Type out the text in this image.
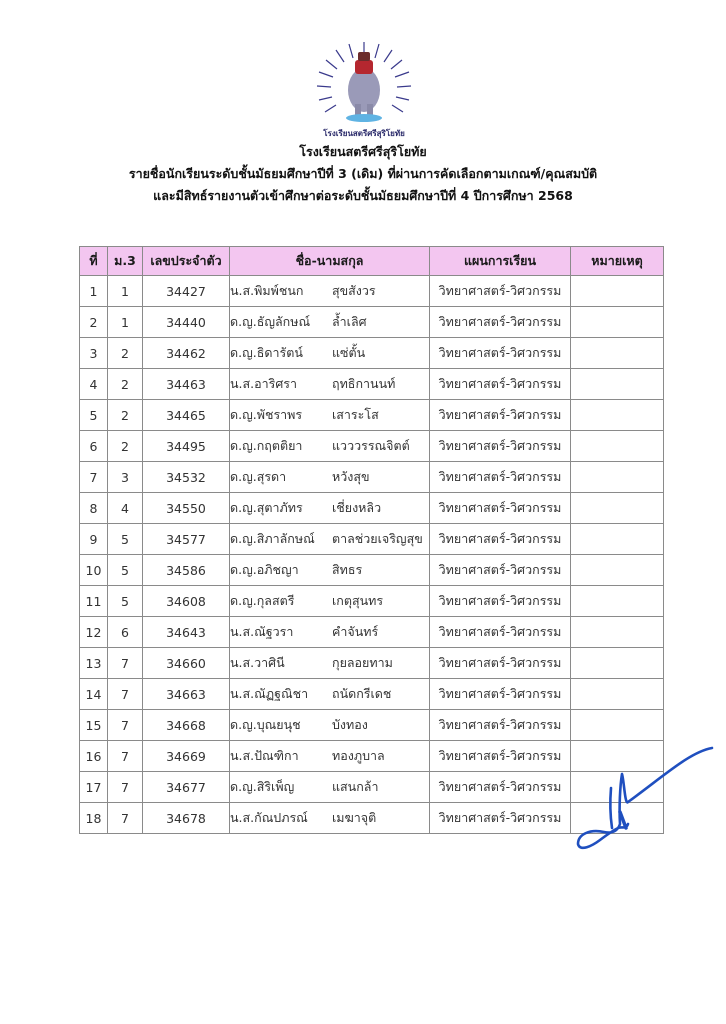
โรงเรียนสตรีศรีสุริโยทัย
โรงเรียนสตรีศรีสุริโยทัย
รายชื่อนักเรียนระดับชั้นมัธยมศึกษาปีที่ 3 (เดิม) ที่ผ่านการคัดเลือกตามเกณฑ์/คุณสมบัติ
และมีสิทธ์รายงานตัวเข้าศึกษาต่อระดับชั้นมัธยมศึกษาปีที่ 4 ปีการศึกษา 2568
ที่	ม.3	เลขประจำตัว	ชื่อ-นามสกุล	แผนการเรียน	หมายเหตุ
1	1	34427	น.ส.พิมพ์ชนก สุขสังวร	วิทยาศาสตร์-วิศวกรรม	
2	1	34440	ด.ญ.ธัญลักษณ์ ล้ำเลิศ	วิทยาศาสตร์-วิศวกรรม	
3	2	34462	ด.ญ.ธิดารัตน์ แซ่ตั้น	วิทยาศาสตร์-วิศวกรรม	
4	2	34463	น.ส.อาริศรา ฤทธิกานนท์	วิทยาศาสตร์-วิศวกรรม	
5	2	34465	ด.ญ.พัชราพร เสาระโส	วิทยาศาสตร์-วิศวกรรม	
6	2	34495	ด.ญ.กฤตติยา แวววรรณจิตต์	วิทยาศาสตร์-วิศวกรรม	
7	3	34532	ด.ญ.สุรดา หวังสุข	วิทยาศาสตร์-วิศวกรรม	
8	4	34550	ด.ญ.สุตาภัทร เชี่ยงหลิว	วิทยาศาสตร์-วิศวกรรม	
9	5	34577	ด.ญ.สิภาลักษณ์ ตาลช่วยเจริญสุข	วิทยาศาสตร์-วิศวกรรม	
10	5	34586	ด.ญ.อภิชญา สิทธร	วิทยาศาสตร์-วิศวกรรม	
11	5	34608	ด.ญ.กุลสตรี เกตุสุนทร	วิทยาศาสตร์-วิศวกรรม	
12	6	34643	น.ส.ณัฐวรา คำจันทร์	วิทยาศาสตร์-วิศวกรรม	
13	7	34660	น.ส.วาศินี กุยลอยทาม	วิทยาศาสตร์-วิศวกรรม	
14	7	34663	น.ส.ณัฏฐณิชา ถนัดกรีเดช	วิทยาศาสตร์-วิศวกรรม	
15	7	34668	ด.ญ.บุณยนุช บังทอง	วิทยาศาสตร์-วิศวกรรม	
16	7	34669	น.ส.ปัณฑิกา ทองภูบาล	วิทยาศาสตร์-วิศวกรรม	
17	7	34677	ด.ญ.สิริเพ็ญ แสนกล้า	วิทยาศาสตร์-วิศวกรรม	
18	7	34678	น.ส.กัณปภรณ์ เมฆาจุติ	วิทยาศาสตร์-วิศวกรรม	
